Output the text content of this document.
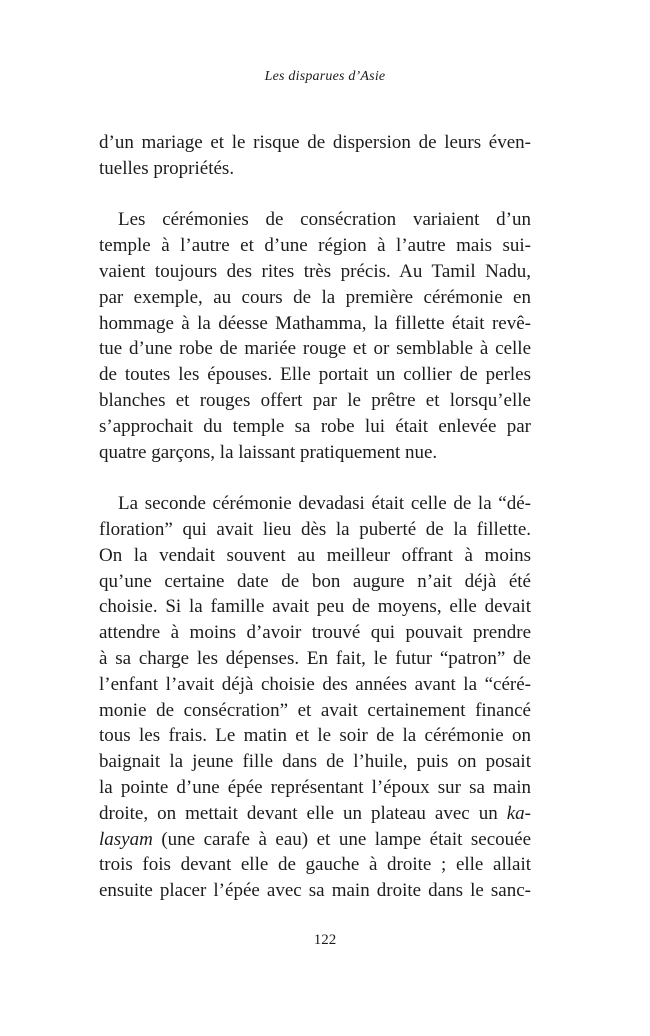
Les disparues d’Asie
d’un mariage et le risque de dispersion de leurs éven-
tuelles propriétés.
Les cérémonies de consécration variaient d’un
temple à l’autre et d’une région à l’autre mais sui-
vaient toujours des rites très précis. Au Tamil Nadu,
par exemple, au cours de la première cérémonie en
hommage à la déesse Mathamma, la fillette était revê-
tue d’une robe de mariée rouge et or semblable à celle
de toutes les épouses. Elle portait un collier de perles
blanches et rouges offert par le prêtre et lorsqu’elle
s’approchait du temple sa robe lui était enlevée par
quatre garçons, la laissant pratiquement nue.
La seconde cérémonie devadasi était celle de la “dé-
floration” qui avait lieu dès la puberté de la fillette.
On la vendait souvent au meilleur offrant à moins
qu’une certaine date de bon augure n’ait déjà été
choisie. Si la famille avait peu de moyens, elle devait
attendre à moins d’avoir trouvé qui pouvait prendre
à sa charge les dépenses. En fait, le futur “patron” de
l’enfant l’avait déjà choisie des années avant la “céré-
monie de consécration” et avait certainement financé
tous les frais. Le matin et le soir de la cérémonie on
baignait la jeune fille dans de l’huile, puis on posait
la pointe d’une épée représentant l’époux sur sa main
droite, on mettait devant elle un plateau avec un ka-
lasyam (une carafe à eau) et une lampe était secouée
trois fois devant elle de gauche à droite ; elle allait
ensuite placer l’épée avec sa main droite dans le sanc-
122
